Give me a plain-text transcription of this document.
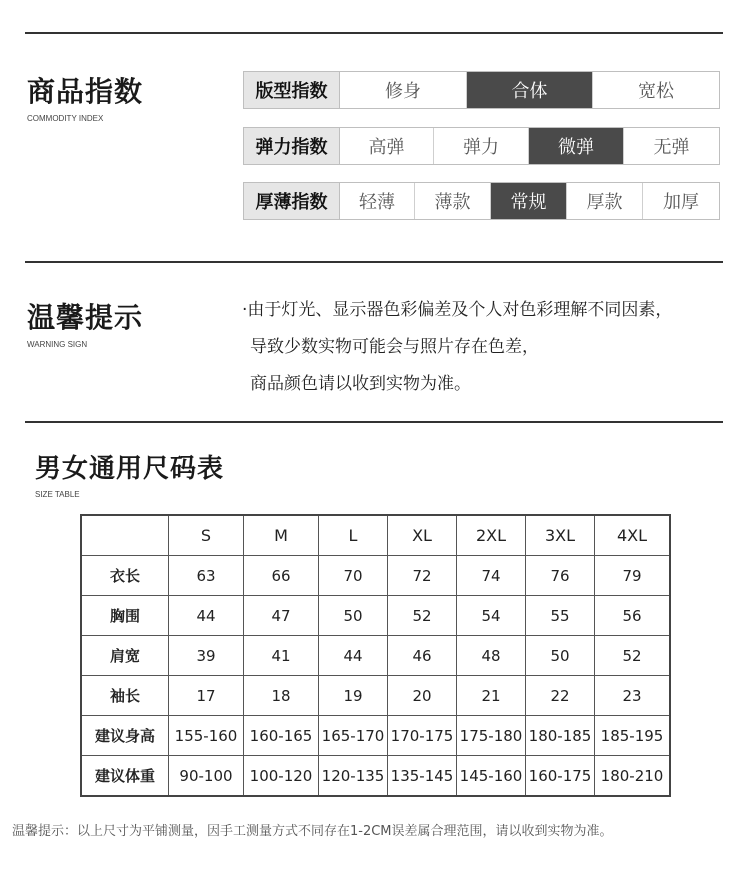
商品指数
COMMODITY INDEX
版型指数	修身	合体	宽松
弹力指数	高弹	弹力	微弹	无弹
厚薄指数	轻薄	薄款	常规	厚款	加厚
温馨提示
WARNING SIGN
·由于灯光、显示器色彩偏差及个人对色彩理解不同因素，
导致少数实物可能会与照片存在色差，
商品颜色请以收到实物为准。
男女通用尺码表
SIZE TABLE
	S	M	L	XL	2XL	3XL	4XL
衣长	63	66	70	72	74	76	79
胸围	44	47	50	52	54	55	56
肩宽	39	41	44	46	48	50	52
袖长	17	18	19	20	21	22	23
建议身高	155-160	160-165	165-170	170-175	175-180	180-185	185-195
建议体重	90-100	100-120	120-135	135-145	145-160	160-175	180-210
温馨提示：以上尺寸为平铺测量，因手工测量方式不同存在1-2CM误差属合理范围，请以收到实物为准。
